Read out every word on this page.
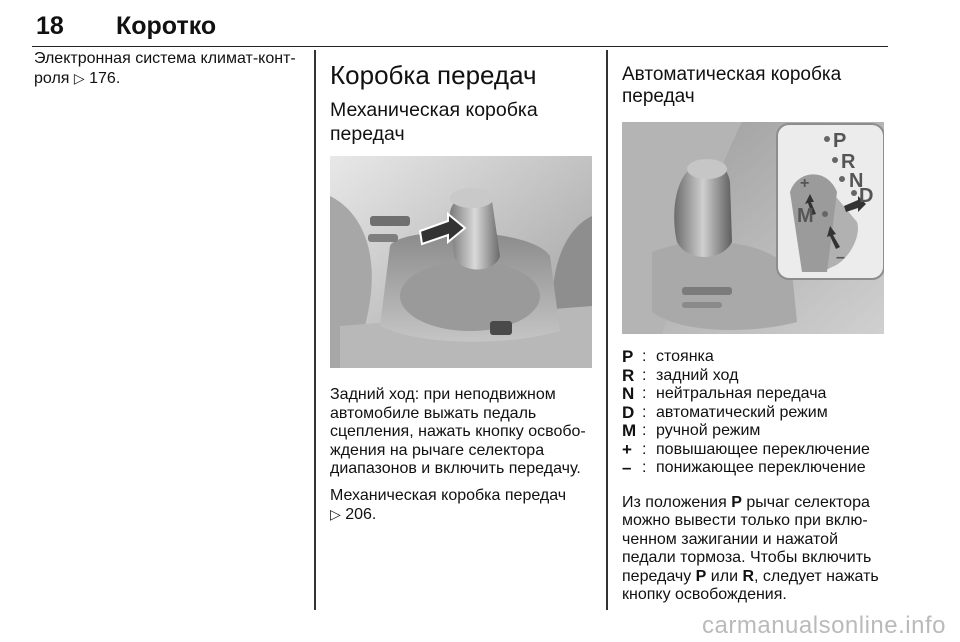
18 Коротко

Электронная система климат-конт-
роля ▷ 176.	Коробка передач
Механическая коробка передач

Задний ход: при неподвижном
автомобиле выжать педаль
сцепления, нажать кнопку освобо-
ждения на рычаге селектора
диапазонов и включить передачу.

Механическая коробка передач
▷ 206.

Автоматическая коробка
передач
P
R
N
D
M
+
–
P : стоянка
R : задний ход
N : нейтральная передача
D : автоматический режим
M : ручной режим
+ : повышающее переключение
– : понижающее переключение

Из положения P рычаг селектора
можно вывести только при вклю-
ченном зажигании и нажатой
педали тормоза. Чтобы включить
передачу P или R, следует нажать
кнопку освобождения.

carmanualsonline.info
